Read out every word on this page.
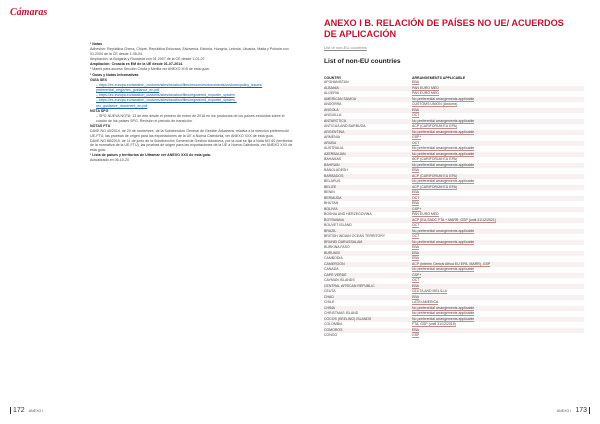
Cámaras

¹ Notas

Adhesión: República Checa, Chipre, República Eslovaca, Eslovenia, Estonia, Hungría, Letonia, Lituania, Malta y Polonia con 01.2004 de la CE desde 1-05-04.

Ampliación: la Bulgaria y Rumanía con 01.2007 de la CE desde 1-01-07.

Ampliación: Croacia es EM de la UE desde 01-07-2014.

¹ Marmi para acceso Sección Ceuta y Melilla ver ANEXO III B de esta guía.

¹ Guías y Notas Informativas

GUÍA SEX

– https://ec.europa.eu/taxation_customs/sites/taxation/files/resources/documents/customs/policy_issues/

preferential_origin/rex_guidance_en.pdf

– https://ec.europa.eu/taxation_customs/sites/taxation/files/registered_exporter_system

– https://ec.europa.eu/taxation_customs/sites/taxation/files/registered_exporter_system_

rex_guidance_document_en.pdf

NOTA SPG

– SPG NUEVA NOTA: 13 de ene desde el primero de enero de 2018 en los productos de los países excluidos sobre el cuadro de los países SPG. Revisión el periodo de transición.

NOTAS FTU

DAVE NO 40/2014, de 20 de noviembre, de la Subdirección General de Gestión Aduanera, relativa a la mención preferencial UE-FTU, las pruebas de origen para las exportaciones de la UE a Nueva Caledonia, ver ANEXO XXX de esta guía.

DAVE NO 88/2015, de 11 de junio de la Subdirección General de Gestión Aduanera, por la cual se fija a Nota NO 60 (territorios de la normativa de la UE-FTU), las pruebas de origen para las exportaciones de la UE a Nueva Caledonia, ver ANEXO XXX de esta guía.

¹ Lista de países y territorios de Ultramar ver ANEXO XXX de esta guía.

Actualizado en 06-10-20

ANEXO I B. RELACIÓN DE PAÍSES NO UE/ ACUERDOS DE APLICACIÓN
List of non-EU countries
List of non-EU countries
COUNTRY	ARRANGEMENTS APPLICABLE
AFGHANISTAN	EBA
ALBANIA	PAN EURO MED
ALGERIA	PAN EURO MED
AMERICAN SAMOA	No preferential arrangements applicable
ANDORRA	CUSTOMS UNION (Andorra)
ANGOLA	EBA
ANGUILLA	OCT
ANTARCTICA	No preferential arrangements applicable
ANTIGUA AND BARBUDA	ACP (CARIFORUM EU EPA)
ARGENTINA	No preferential arrangements applicable
ARMENIA	GSP+
ARUBA	OCT
AUSTRALIA	No preferential arrangements applicable
AZERBAIJAN	No preferential arrangements applicable
BAHAMAS	ACP (CARIFORUM EU EPA)
BAHRAIN	No preferential arrangements applicable
BANGLADESH	EBA
BARBADOS	ACP (CARIFORUM EU EPA)
BELARUS	No preferential arrangements applicable
BELIZE	ACP (CARIFORUM EU EPA)
BENIN	EBA
BERMUDA	OCT
BHUTAN	EBA
BOLIVIA	GSP+
BOSNIA AND HERZEGOVINA	PAN EURO MED
BOTSWANA	ACP (EU-SADC FTA + MARR, GSP (until 31/12/2021)
BOUVET ISLAND	OCT
BRAZIL	No preferential arrangements applicable
BRITISH INDIAN OCEAN TERRITORY	OCT
BRUNEI DARUSSALAM	No preferential arrangements applicable
BURKINA FASO	EBA
BURUNDI	EBA
CAMBODIA	EBA
CAMEROON	ACP (Interim Central Africa EU EPA, MARR), GSP
CANADA	No preferential arrangements applicable
CAPE VERDE	GSP+
CAYMAN ISLANDS	OCT
CENTRAL AFRICAN REPUBLIC	EBA
CEUTA	CEUTA AND MELILLA
CHAD	EBA
CHILE	LATIN AMERICA
CHINA	No preferential arrangements applicable
CHRISTMAS ISLAND	No preferential arrangements applicable
COCOS (KEELING) ISLANDS	No preferential arrangements applicable
COLOMBIA	FTA, GSP (until 31/12/2015)
COMOROS	EBA
CONGO	GSP
172 ANEXO I	ANEXO I 173
